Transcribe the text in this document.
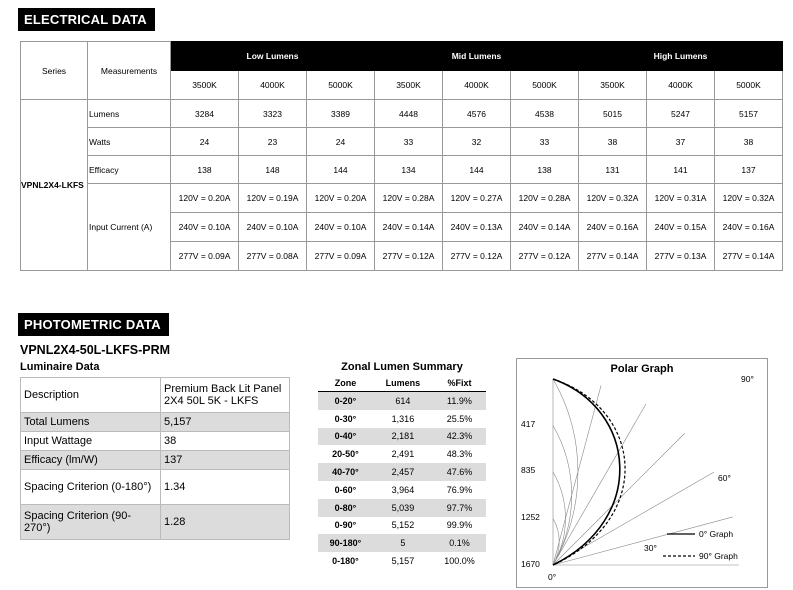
ELECTRICAL DATA
Series	Measurements	Low Lumens			Mid Lumens			High Lumens		
		3500K	4000K	5000K	3500K	4000K	5000K	3500K	4000K	5000K
VPNL2X4-LKFS	Lumens	3284	3323	3389	4448	4576	4538	5015	5247	5157
	Watts	24	23	24	33	32	33	38	37	38
	Efficacy	138	148	144	134	144	138	131	141	137
	Input Current (A)	120V = 0.20A	120V = 0.19A	120V = 0.20A	120V = 0.28A	120V = 0.27A	120V = 0.28A	120V = 0.32A	120V = 0.31A	120V = 0.32A
		240V = 0.10A	240V = 0.10A	240V = 0.10A	240V = 0.14A	240V = 0.13A	240V = 0.14A	240V = 0.16A	240V = 0.15A	240V = 0.16A
		277V = 0.09A	277V = 0.08A	277V = 0.09A	277V = 0.12A	277V = 0.12A	277V = 0.12A	277V = 0.14A	277V = 0.13A	277V = 0.14A
PHOTOMETRIC DATA
VPNL2X4-50L-LKFS-PRM
Luminaire Data
Description	Premium Back Lit Panel
2X4 50L 5K - LKFS

Total Lumens	5,157

Input Wattage	38

Efficacy (lm/W)	137

Spacing Criterion (0-180°)	1.34

Spacing Criterion (90-270°)	1.28
Zonal Lumen Summary
Zone	Lumens	%Fixt
0-20°	614	11.9%
0-30°	1,316	25.5%
0-40°	2,181	42.3%
20-50°	2,491	48.3%
40-70°	2,457	47.6%
0-60°	3,964	76.9%
0-80°	5,039	97.7%
0-90°	5,152	99.9%
90-180°	5	0.1%
0-180°	5,157	100.0%
Polar Graph
417
835
1252
1670
90°
60°
30°
0°
0° Graph
90° Graph
